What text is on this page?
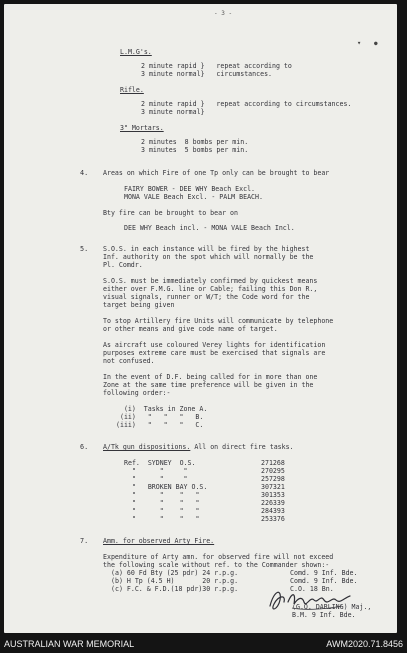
- 3 -
▾ ●
L.M.G's.
2 minute rapid }   repeat according to
3 minute normal}   circumstances.
Rifle.
2 minute rapid }   repeat according to circumstances.
3 minute normal}
3" Mortars.
2 minutes  8 bombs per min.
3 minutes  5 bombs per min.
4. Areas on which Fire of one Tp only can be brought to bear
FAIRY BOWER - DEE WHY Beach Excl.
MONA VALE Beach Excl. - PALM BEACH.
Bty fire can be brought to bear on
DEE WHY Beach incl. - MONA VALE Beach Incl.
5. S.O.S. in each instance will be fired by the highest
Inf. authority on the spot which will normally be the
Pl. Comdr.
S.O.S. must be immediately confirmed by quickest means
either over F.M.G. line or Cable; failing this Don R.,
visual signals, runner or W/T; the Code word for the
target being given
To stop Artillery fire Units will communicate by telephone
or other means and give code name of target.
As aircraft use coloured Verey lights for identification
purposes extreme care must be exercised that signals are
not confused.
In the event of D.F. being called for in more than one
Zone at the same time preference will be given in the
following order:-
(i)  Tasks in Zone A.
(ii)   "   "   "   B.
(iii)   "   "   "   C.
6. A/Tk gun dispositions. All on direct fire tasks.
Ref.  SYDNEY  O.S.	271268
"      "     "	270295
"      "     "	257298
"   BROKEN BAY O.S.	307321
"      "    "   "	301353
"      "    "   "	226339
"      "    "   "	284393
"      "    "   "	253376
7. Amm. for observed Arty Fire.
Expenditure of Arty amn. for observed fire will not exceed
the following scale without ref. to the Commander shown:-
(a) 60 Fd Bty (25 pdr) 24 r.p.g.	Comd. 9 Inf. Bde.
(b) H Tp (4.5 H)       20 r.p.g.	Comd. 9 Inf. Bde.
(c) F.C. & F.D.(18 pdr)30 r.p.g.	C.O. 18 Bn.
(G.O. DARLING) Maj.,
B.M. 9 Inf. Bde.
AUSTRALIAN WAR MEMORIAL	AWM2020.71.8456
